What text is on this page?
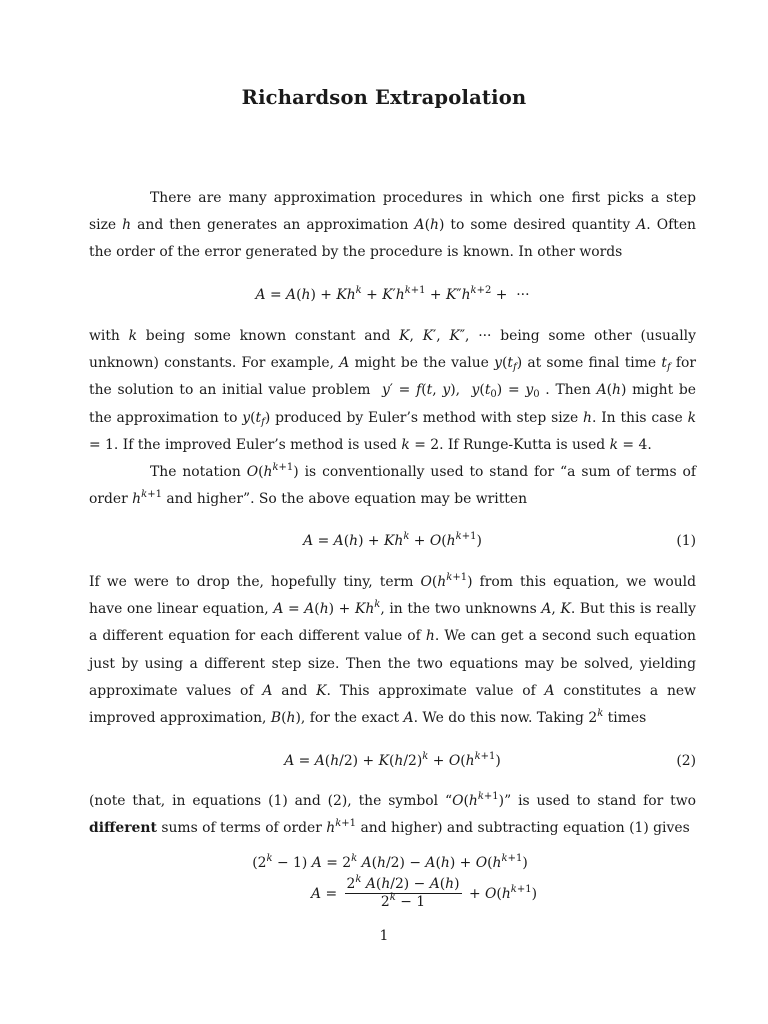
Richardson Extrapolation
There are many approximation procedures in which one first picks a step size h and then generates an approximation A(h) to some desired quantity A. Often the order of the error generated by the procedure is known. In other words
$A = A(h) + Kh^k + K'h^{k+1} + K''h^{k+2}$ +  ···
with k being some known constant and K, K′, K″, ··· being some other (usually unknown) constants. For example, A might be the value $y(t_f)$ at some final time $t_f$ for the solution to an initial value problem  y′ = f(t, y),  $y(t_0) = y_0$ . Then A(h) might be the approximation to $y(t_f)$ produced by Euler’s method with step size h. In this case k = 1. If the improved Euler’s method is used k = 2. If Runge-Kutta is used k = 4.
The notation $O(h^{k+1})$ is conventionally used to stand for “a sum of terms of order $h^{k+1}$ and higher”. So the above equation may be written
$A = A(h) + Kh^k + O(h^{k+1})$	(1)
If we were to drop the, hopefully tiny, term $O(h^{k+1})$ from this equation, we would have one linear equation, $A = A(h) + Kh^k$, in the two unknowns A, K. But this is really a different equation for each different value of h. We can get a second such equation just by using a different step size. Then the two equations may be solved, yielding approximate values of A and K. This approximate value of A constitutes a new improved approximation, B(h), for the exact A. We do this now. Taking 2$^k$ times
$A = A(h/2) + K(h/2)^k + O(h^{k+1})$	(2)
(note that, in equations (1) and (2), the symbol “$O(h^{k+1})$” is used to stand for two different sums of terms of order $h^{k+1}$ and higher) and subtracting equation (1) gives
$(2^k - 1) A = 2^k$ $A(h/2) - A(h) + O(h^{k+1})$
$A = \frac{2^k A(h/2) - A(h)}{2^k - 1} + O(h^{k+1})$
1
